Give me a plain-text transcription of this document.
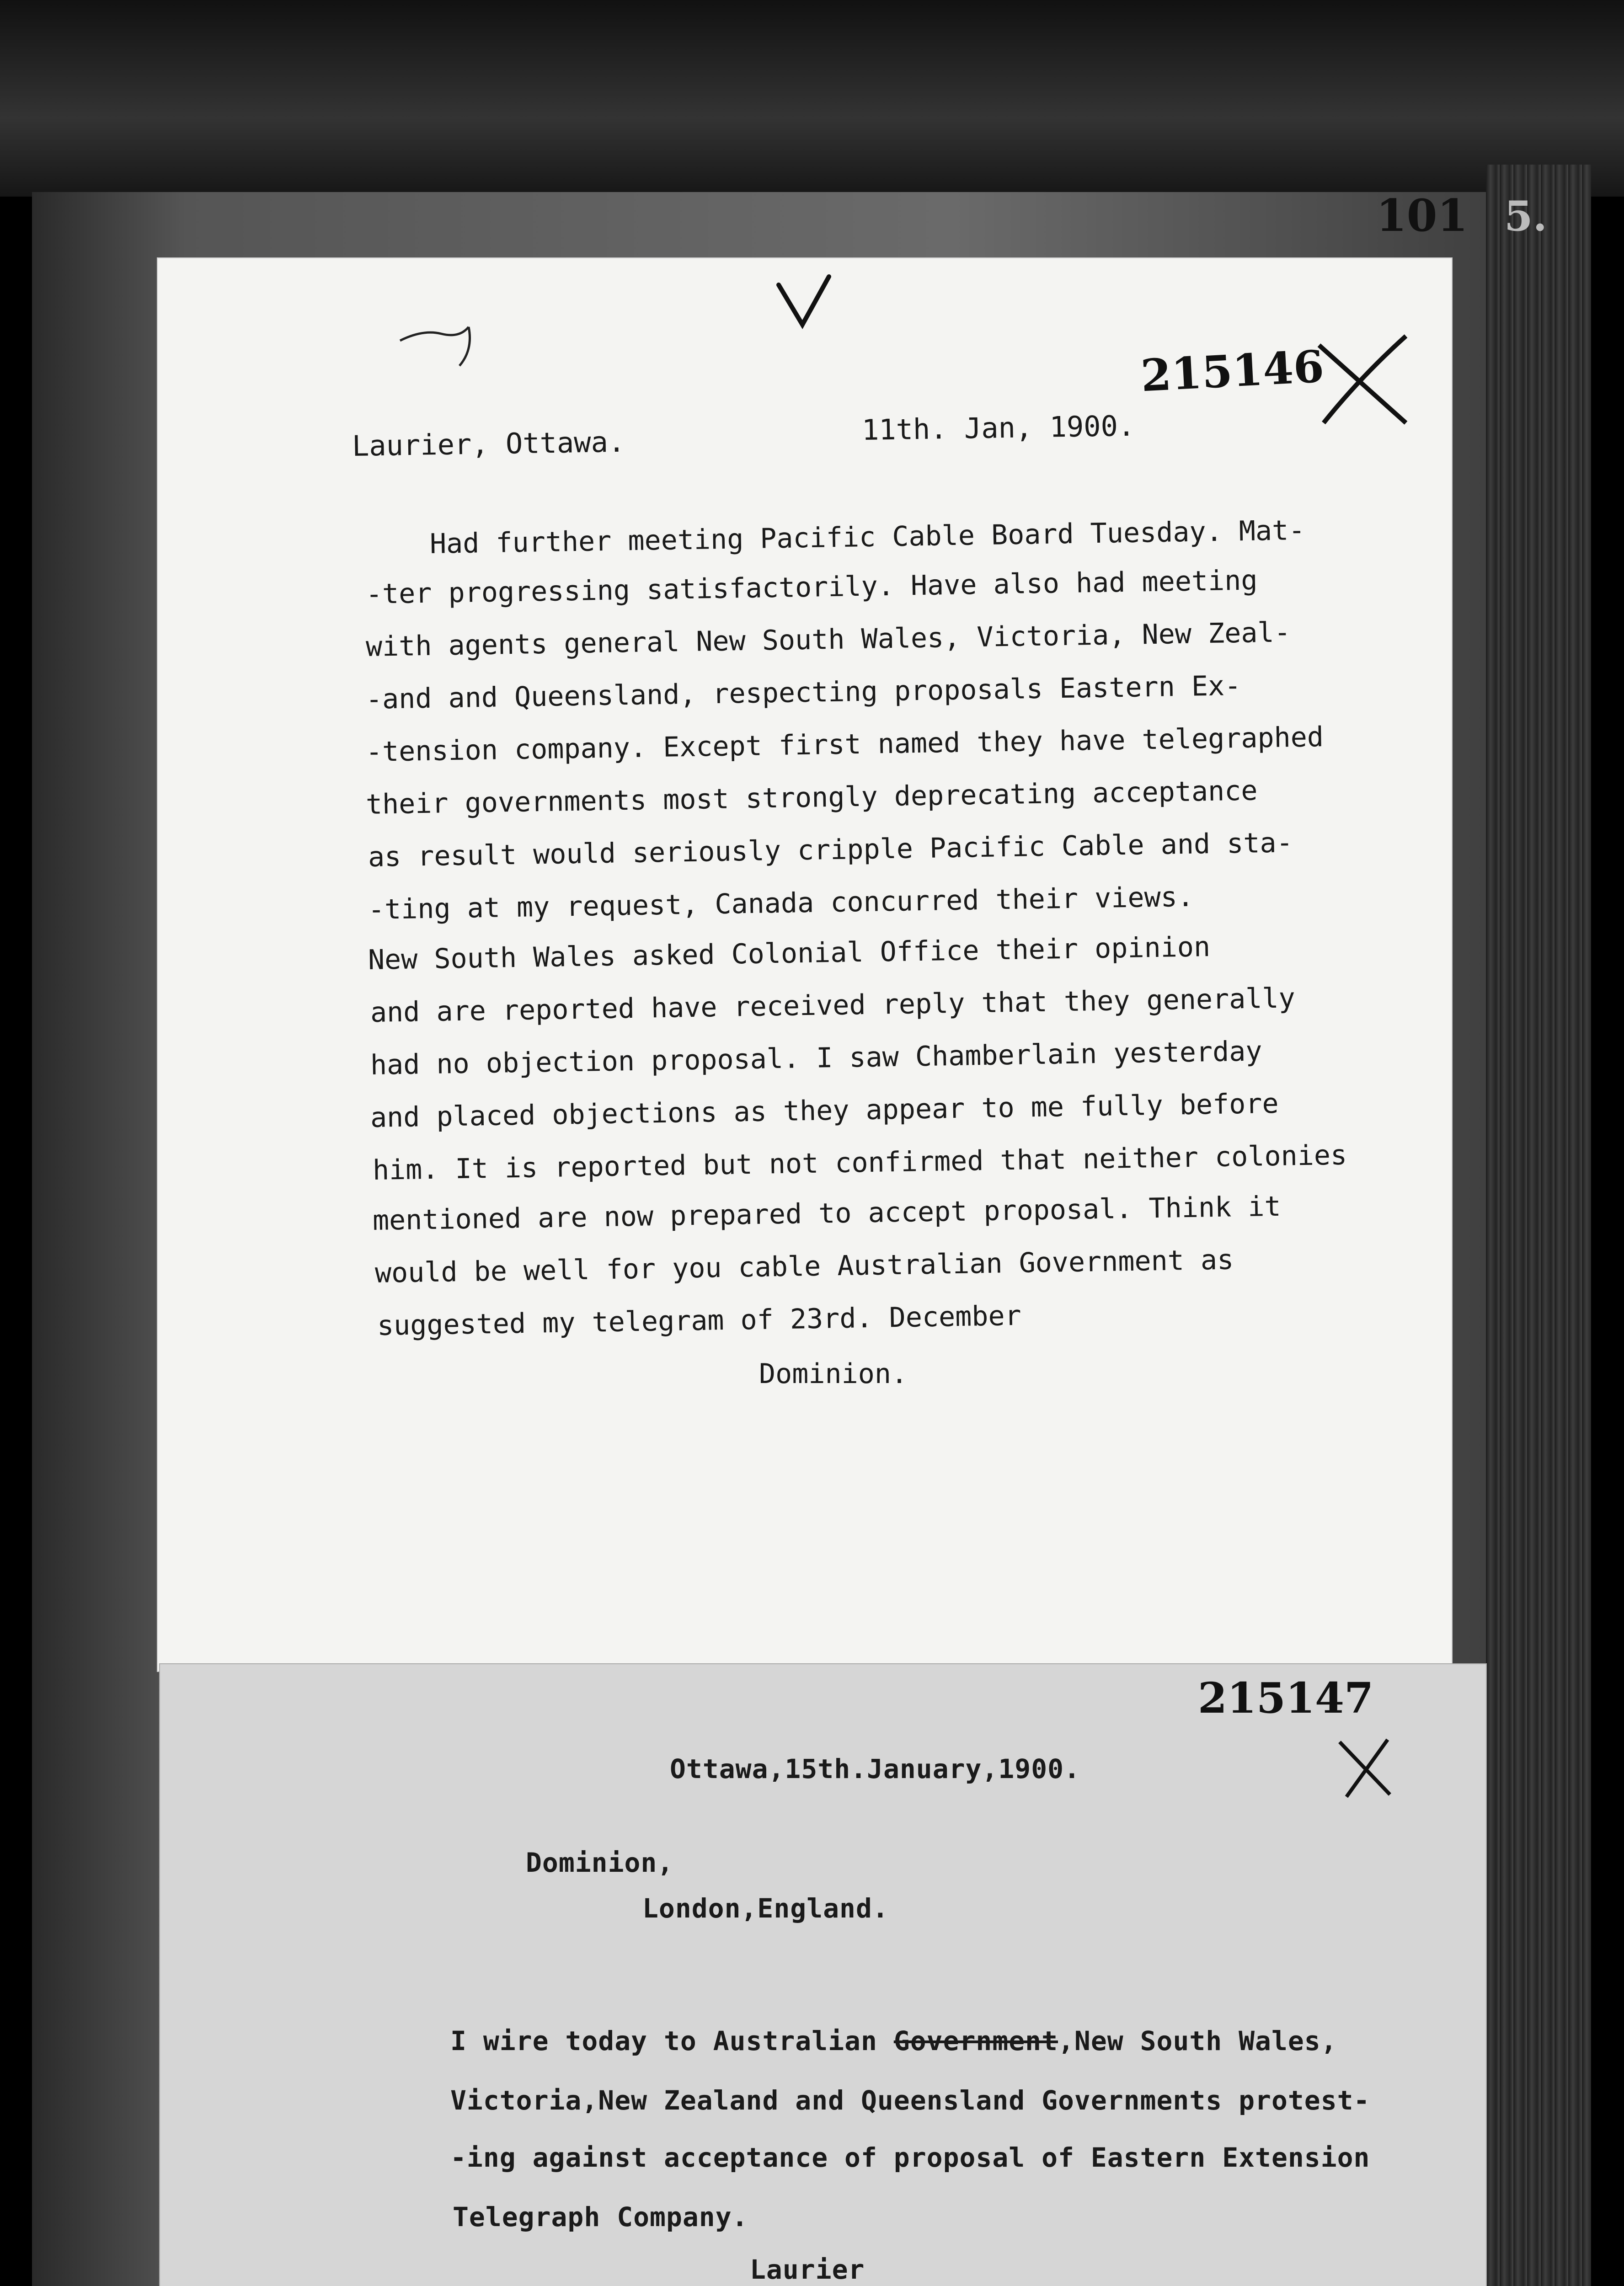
101 5.
215146
Laurier, Ottawa.	11th. Jan, 1900.
Had further meeting Pacific Cable Board Tuesday. Mat-
-ter progressing satisfactorily. Have also had meeting
with agents general New South Wales, Victoria, New Zeal-
-and and Queensland, respecting proposals Eastern Ex-
-tension company. Except first named they have telegraphed
their governments most strongly deprecating acceptance
as result would seriously cripple Pacific Cable and sta-
-ting at my request, Canada concurred their views.
New South Wales asked Colonial Office their opinion
and are reported have received reply that they generally
had no objection proposal. I saw Chamberlain yesterday
and placed objections as they appear to me fully before
him. It is reported but not confirmed that neither colonies
mentioned are now prepared to accept proposal. Think it
would be well for you cable Australian Government as
suggested my telegram of 23rd. December
Dominion.
215147
Ottawa,15th.January,1900.
Dominion,
London,England.
I wire today to Australian Government,New South Wales,
Victoria,New Zealand and Queensland Governments protest-
-ing against acceptance of proposal of Eastern Extension
Telegraph Company.
Laurier
